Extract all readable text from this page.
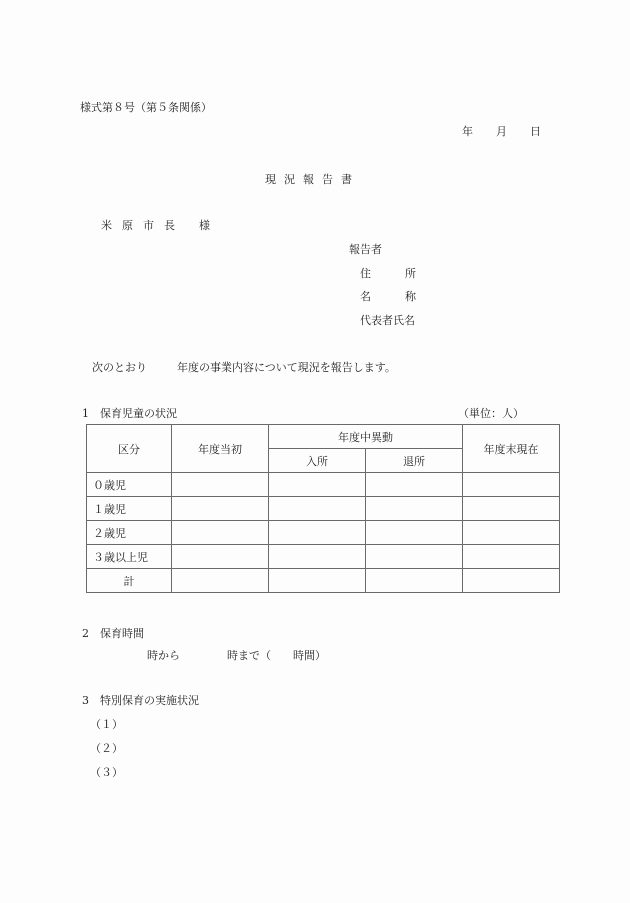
様式第８号（第５条関係）
年 月 日
現況報告書
米原市長 様
報告者
住	所
名	称
代表者氏名
次のとおり	年度の事業内容について現況を報告します。
1 保育児童の状況	（単位：人）
区分	年度当初	年度中異動		年度末現在
		入所	退所	
０歳児				
１歳児				
２歳児				
３歳以上児				
計				
2 保育時間
時から	時まで（ 時間）
3 特別保育の実施状況
（１）
（２）
（３）
